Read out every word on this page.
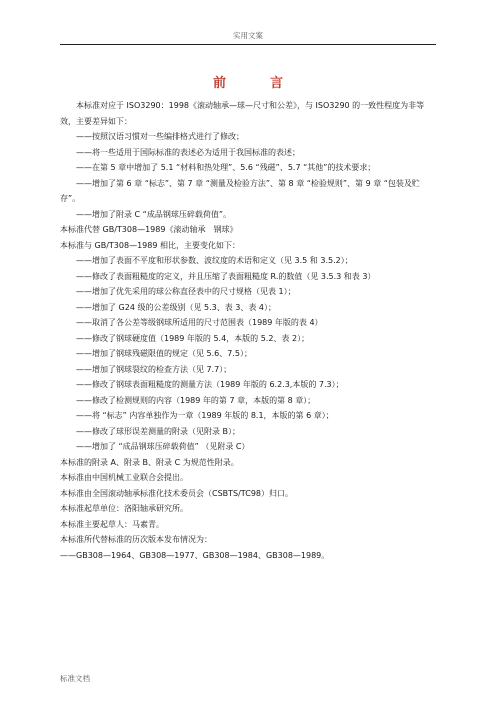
实用文案
前言

本标准对应于 ISO3290：1998《滚动轴承—球—尺寸和公差》，与 ISO3290 的一致性程度为非等效，主要差异如下：

——按照汉语习惯对一些编排格式进行了修改；

——将一些适用于国际标准的表述必为适用于我国标准的表述；

——在第 5 章中增加了 5.1 “材料和热处理”、5.6 “残磁”、5.7 “其他”的技术要求；

——增加了第 6 章 “标志”、第 7 章 “测量及检验方法”、第 8 章 “检验规则”、第 9 章 “包装及贮存”。

——增加了附录 C “成品钢球压碎载荷值”。

本标准代替 GB/T308—1989《滚动轴承　钢球》

本标准与 GB/T308—1989 相比，主要变化如下：

——增加了表面不平度和形状参数、波纹度的术语和定义（见 3.5 和 3.5.2）；

——修改了表面粗糙度的定义，并且压缩了表面粗糙度 R.的数值（见 3.5.3 和表 3）

——增加了优先采用的球公称直径表中的尺寸规格（见表 1）；

——增加了 G24 级的公差级别（见 5.3、表 3、表 4）；

——取消了各公差等级钢球所适用的尺寸范围表（1989 年版的表 4）

——修改了钢球硬度值（1989 年版的 5.4，本版的 5.2、表 2）；

——增加了钢球残磁限值的规定（见 5.6、7.5）；

——增加了钢球裂纹的检查方法（见 7.7）；

——修改了钢球表面粗糙度的测量方法（1989 年版的 6.2.3,本版的 7.3）；

——修改了检测规则的内容（1989 年的第 7 章，本版的第 8 章）；

——将 “标志” 内容单独作为一章（1989 年版的 8.1，本版的第 6 章）；

——修改了球形误差测量的附录（见附录 B）；

——增加了 “成品钢球压碎载荷值” （见附录 C）

本标准的附录 A、附录 B、附录 C 为规范性附录。

本标准由中国机械工业联合会提出。

本标准由全国滚动轴承标准化技术委员会（CSBTS/TC98）归口。

本标准起草单位：洛阳轴承研究所。

本标准主要起草人：马素青。

本标准所代替标准的历次版本发布情况为：

——GB308—1964、GB308—1977、GB308—1984、GB308—1989。

标准文档
